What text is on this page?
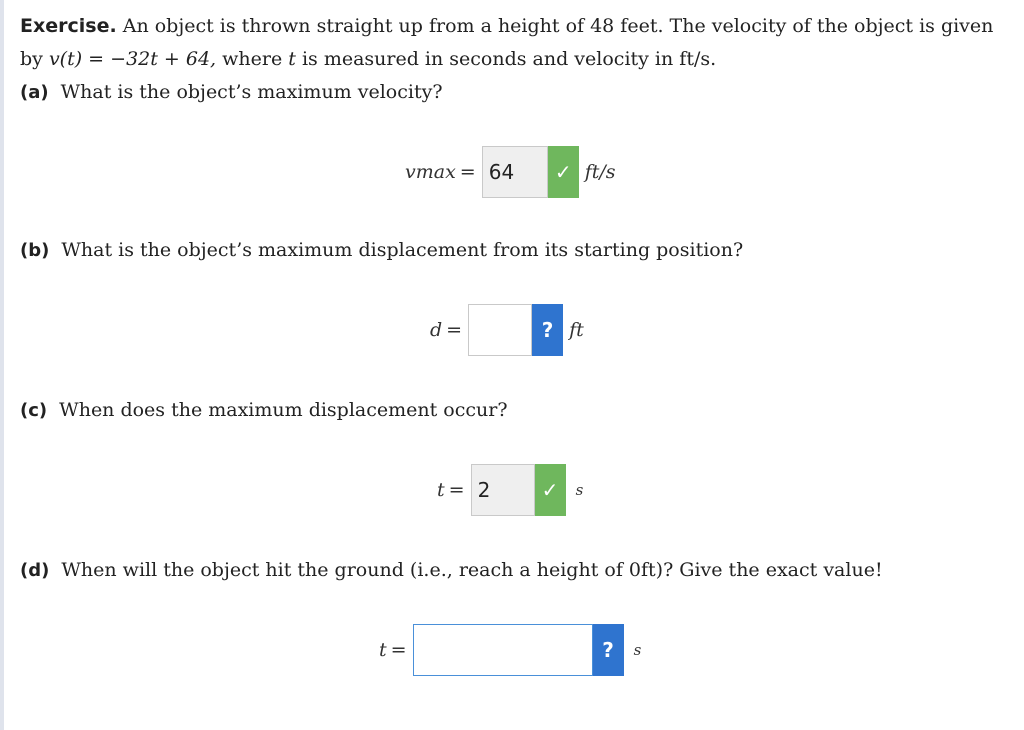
Exercise. An object is thrown straight up from a height of 48 feet. The velocity of the object is given
by v(t) = −32t + 64, where t is measured in seconds and velocity in ft/s.
(a) What is the object’s maximum velocity?
vmax = 64	✓ ft/s
(b) What is the object’s maximum displacement from its starting position?
d =	? ft
(c) When does the maximum displacement occur?
t = 2	✓	s
(d) When will the object hit the ground (i.e., reach a height of 0ft)? Give the exact value!
t =	?	s
